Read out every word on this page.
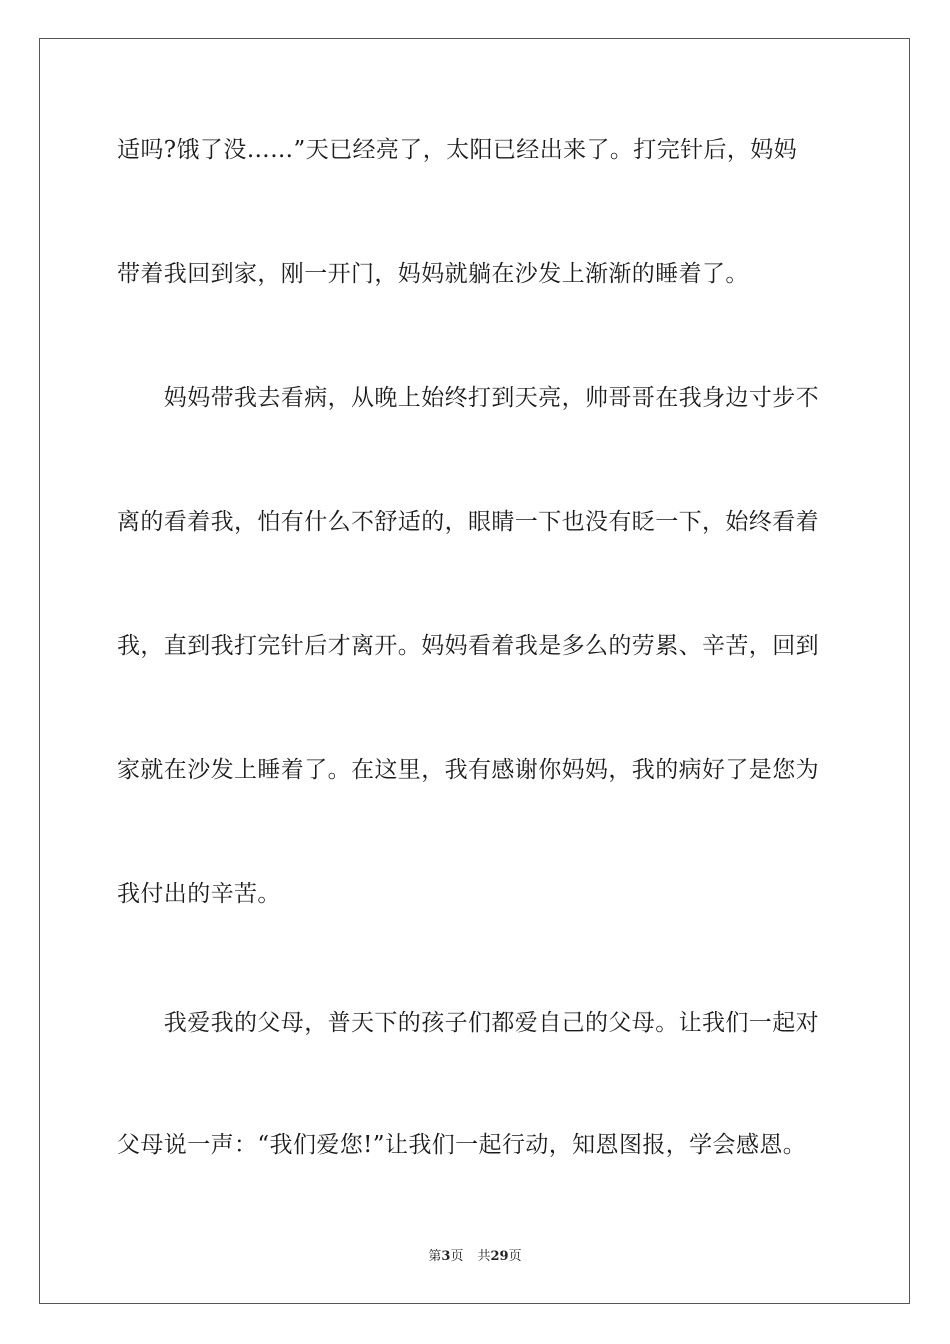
适吗?饿了没……”天已经亮了，太阳已经出来了。打完针后，妈妈
带着我回到家，刚一开门，妈妈就躺在沙发上渐渐的睡着了。
　　妈妈带我去看病，从晚上始终打到天亮，帅哥哥在我身边寸步不
离的看着我，怕有什么不舒适的，眼睛一下也没有眨一下，始终看着
我，直到我打完针后才离开。妈妈看着我是多么的劳累、辛苦，回到
家就在沙发上睡着了。在这里，我有感谢你妈妈，我的病好了是您为
我付出的辛苦。
　　我爱我的父母，普天下的孩子们都爱自己的父母。让我们一起对
父母说一声：“我们爱您!”让我们一起行动，知恩图报，学会感恩。
第3页 共29页
